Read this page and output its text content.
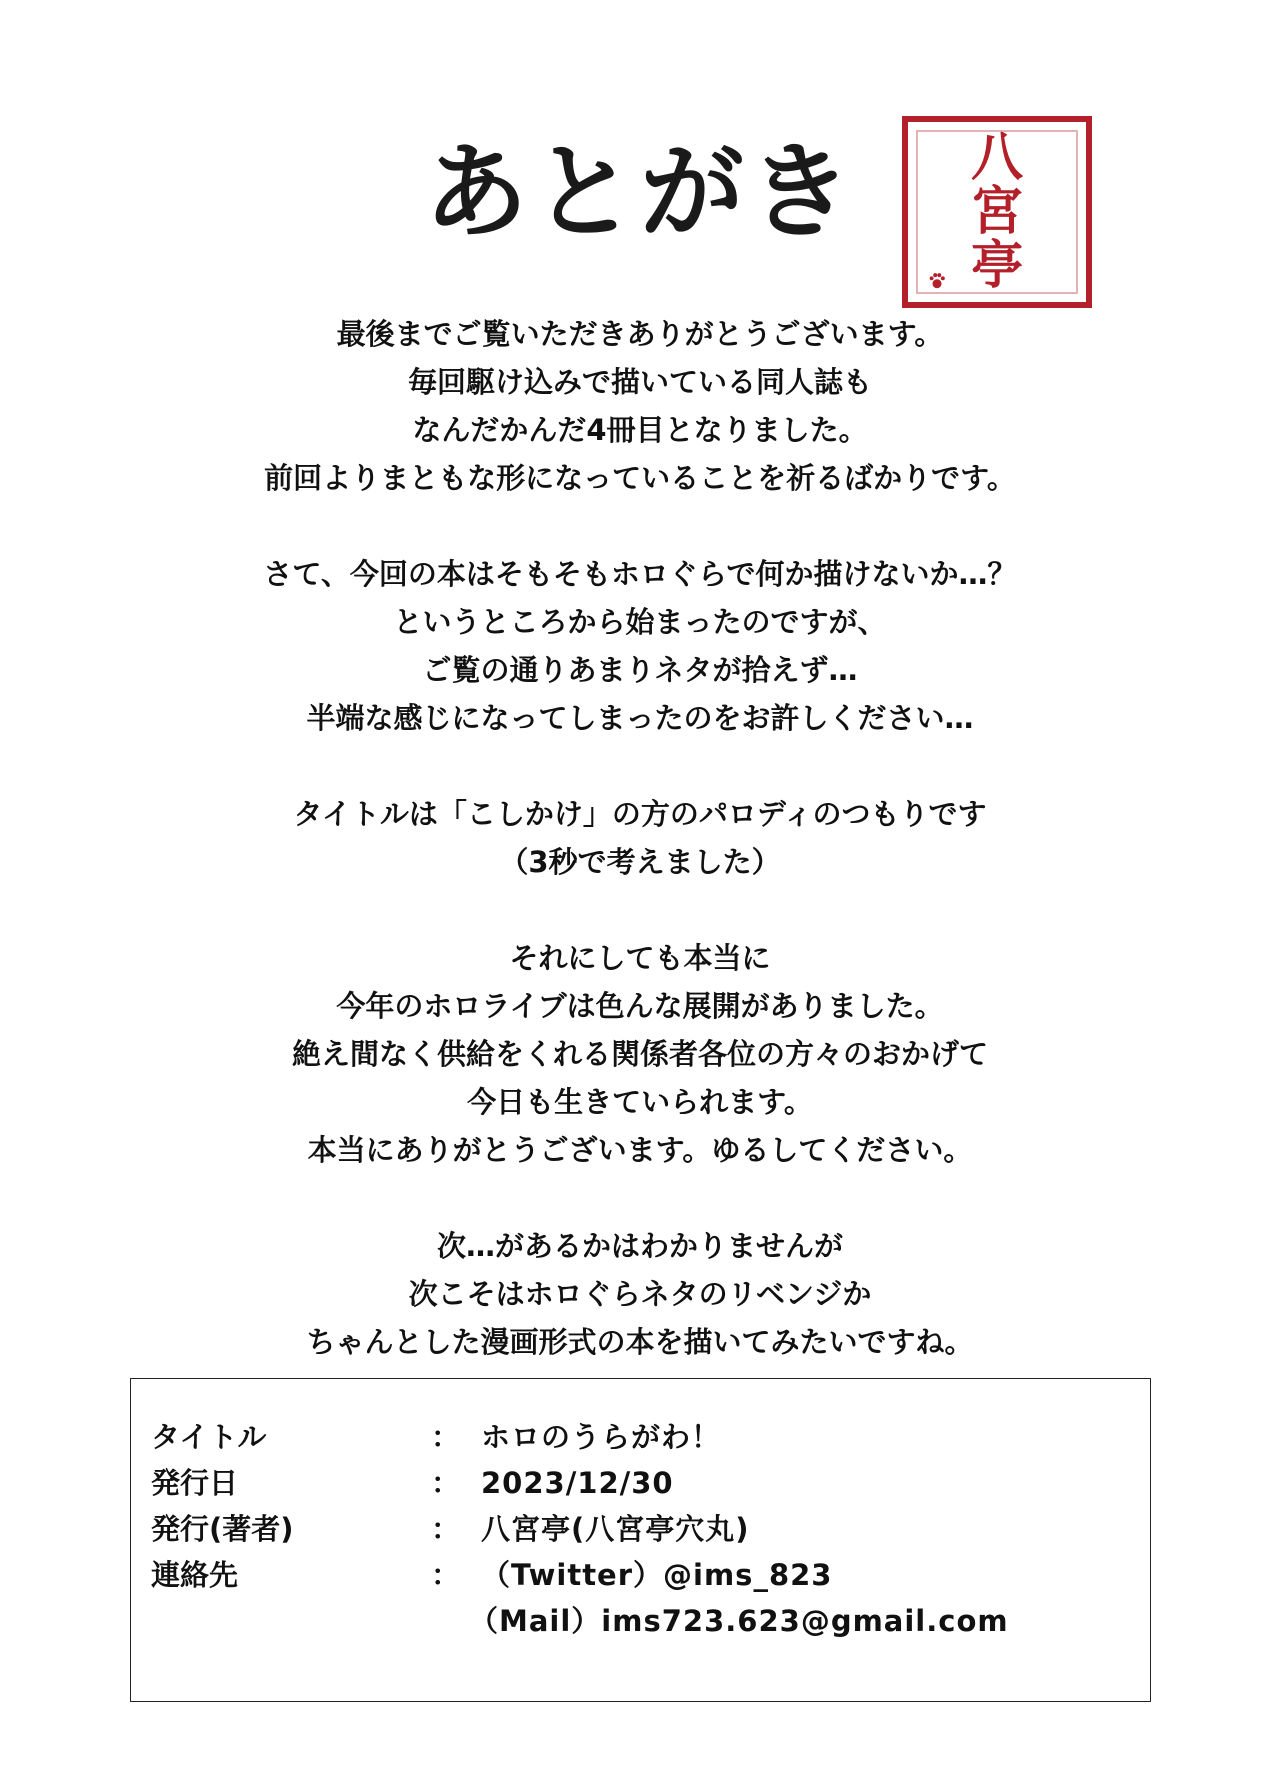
あとがき	八
宮
亭

最後までご覧いただきありがとうございます。

毎回駆け込みで描いている同人誌も

なんだかんだ4冊目となりました。

前回よりまともな形になっていることを祈るばかりです。

さて、今回の本はそもそもホロぐらで何か描けないか…？

というところから始まったのですが、

ご覧の通りあまりネタが拾えず…

半端な感じになってしまったのをお許しください…

タイトルは「こしかけ」の方のパロディのつもりです

（3秒で考えました）

それにしても本当に

今年のホロライブは色んな展開がありました。

絶え間なく供給をくれる関係者各位の方々のおかげて

今日も生きていられます。

本当にありがとうございます。ゆるしてください。

次…があるかはわかりませんが

次こそはホロぐらネタのリベンジか

ちゃんとした漫画形式の本を描いてみたいですね。

タイトル	： ホロのうらがわ！
発行日	： 2023/12/30
発行(著者)	： 八宮亭(八宮亭穴丸)
連絡先	： （Twitter）@ims_823
（Mail）ims723.623@gmail.com
